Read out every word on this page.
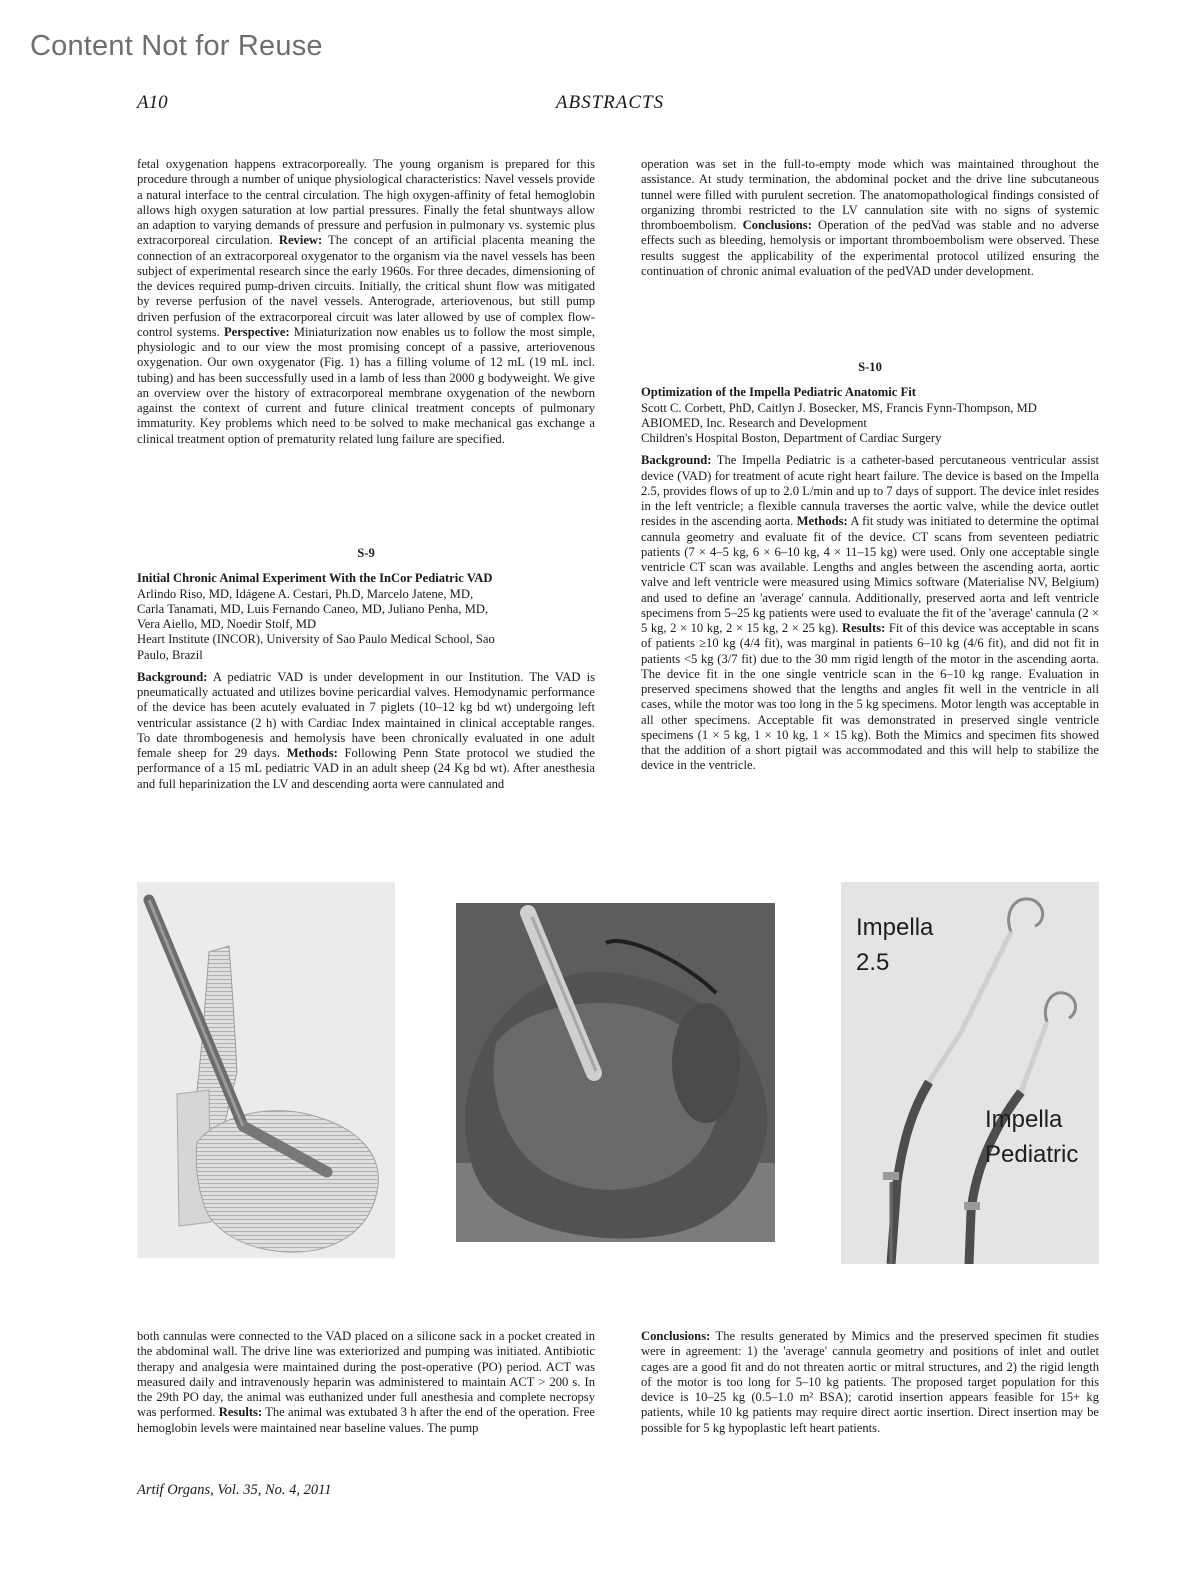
Content Not for Reuse
A10	ABSTRACTS

fetal oxygenation happens extracorporeally. The young organism is prepared for this procedure through a number of unique physiological characteristics: Navel vessels provide a natural interface to the central circulation. The high oxygen-affinity of fetal hemoglobin allows high oxygen saturation at low partial pressures. Finally the fetal shuntways allow an adaption to varying demands of pressure and perfusion in pulmonary vs. systemic plus extracorporeal circulation. Review: The concept of an artificial placenta meaning the connection of an extracorporeal oxygenator to the organism via the navel vessels has been subject of experimental research since the early 1960s. For three decades, dimensioning of the devices required pump-driven circuits. Initially, the critical shunt flow was mitigated by reverse perfusion of the navel vessels. Anterograde, arteriovenous, but still pump driven perfusion of the extracorporeal circuit was later allowed by use of complex flow-control systems. Perspective: Miniaturization now enables us to follow the most simple, physiologic and to our view the most promising concept of a passive, arteriovenous oxygenation. Our own oxygenator (Fig. 1) has a filling volume of 12 mL (19 mL incl. tubing) and has been successfully used in a lamb of less than 2000 g bodyweight. We give an overview over the history of extracorporeal membrane oxygenation of the newborn against the context of current and future clinical treatment concepts of pulmonary immaturity. Key problems which need to be solved to make mechanical gas exchange a clinical treatment option of prematurity related lung failure are specified.

S-9

Initial Chronic Animal Experiment With the InCor Pediatric VAD

Arlindo Riso, MD, Idágene A. Cestari, Ph.D, Marcelo Jatene, MD,

Carla Tanamati, MD, Luis Fernando Caneo, MD, Juliano Penha, MD,

Vera Aiello, MD, Noedir Stolf, MD

Heart Institute (INCOR), University of Sao Paulo Medical School, Sao

Paulo, Brazil

Background: A pediatric VAD is under development in our Institution. The VAD is pneumatically actuated and utilizes bovine pericardial valves. Hemodynamic performance of the device has been acutely evaluated in 7 piglets (10–12 kg bd wt) undergoing left ventricular assistance (2 h) with Cardiac Index maintained in clinical acceptable ranges. To date thrombogenesis and hemolysis have been chronically evaluated in one adult female sheep for 29 days. Methods: Following Penn State protocol we studied the performance of a 15 mL pediatric VAD in an adult sheep (24 Kg bd wt). After anesthesia and full heparinization the LV and descending aorta were cannulated and

operation was set in the full-to-empty mode which was maintained throughout the assistance. At study termination, the abdominal pocket and the drive line subcutaneous tunnel were filled with purulent secretion. The anatomopathological findings consisted of organizing thrombi restricted to the LV cannulation site with no signs of systemic thromboembolism. Conclusions: Operation of the pedVad was stable and no adverse effects such as bleeding, hemolysis or important thromboembolism were observed. These results suggest the applicability of the experimental protocol utilized ensuring the continuation of chronic animal evaluation of the pedVAD under development.

S-10

Optimization of the Impella Pediatric Anatomic Fit

Scott C. Corbett, PhD, Caitlyn J. Bosecker, MS, Francis Fynn-Thompson, MD

ABIOMED, Inc. Research and Development

Children's Hospital Boston, Department of Cardiac Surgery

Background: The Impella Pediatric is a catheter-based percutaneous ventricular assist device (VAD) for treatment of acute right heart failure. The device is based on the Impella 2.5, provides flows of up to 2.0 L/min and up to 7 days of support. The device inlet resides in the left ventricle; a flexible cannula traverses the aortic valve, while the device outlet resides in the ascending aorta. Methods: A fit study was initiated to determine the optimal cannula geometry and evaluate fit of the device. CT scans from seventeen pediatric patients (7 × 4–5 kg, 6 × 6–10 kg, 4 × 11–15 kg) were used. Only one acceptable single ventricle CT scan was available. Lengths and angles between the ascending aorta, aortic valve and left ventricle were measured using Mimics software (Materialise NV, Belgium) and used to define an 'average' cannula. Additionally, preserved aorta and left ventricle specimens from 5–25 kg patients were used to evaluate the fit of the 'average' cannula (2 × 5 kg, 2 × 10 kg, 2 × 15 kg, 2 × 25 kg). Results: Fit of this device was acceptable in scans of patients ≥10 kg (4/4 fit), was marginal in patients 6–10 kg (4/6 fit), and did not fit in patients <5 kg (3/7 fit) due to the 30 mm rigid length of the motor in the ascending aorta. The device fit in the one single ventricle scan in the 6–10 kg range. Evaluation in preserved specimens showed that the lengths and angles fit well in the ventricle in all cases, while the motor was too long in the 5 kg specimens. Motor length was acceptable in all other specimens. Acceptable fit was demonstrated in preserved single ventricle specimens (1 × 5 kg, 1 × 10 kg, 1 × 15 kg). Both the Mimics and specimen fits showed that the addition of a short pigtail was accommodated and this will help to stabilize the device in the ventricle.

Impella
2.5
Impella
Pediatric

both cannulas were connected to the VAD placed on a silicone sack in a pocket created in the abdominal wall. The drive line was exteriorized and pumping was initiated. Antibiotic therapy and analgesia were maintained during the post-operative (PO) period. ACT was measured daily and intravenously heparin was administered to maintain ACT > 200 s. In the 29th PO day, the animal was euthanized under full anesthesia and complete necropsy was performed. Results: The animal was extubated 3 h after the end of the operation. Free hemoglobin levels were maintained near baseline values. The pump

Conclusions: The results generated by Mimics and the preserved specimen fit studies were in agreement: 1) the 'average' cannula geometry and positions of inlet and outlet cages are a good fit and do not threaten aortic or mitral structures, and 2) the rigid length of the motor is too long for 5–10 kg patients. The proposed target population for this device is 10–25 kg (0.5–1.0 m² BSA); carotid insertion appears feasible for 15+ kg patients, while 10 kg patients may require direct aortic insertion. Direct insertion may be possible for 5 kg hypoplastic left heart patients.

Artif Organs, Vol. 35, No. 4, 2011
